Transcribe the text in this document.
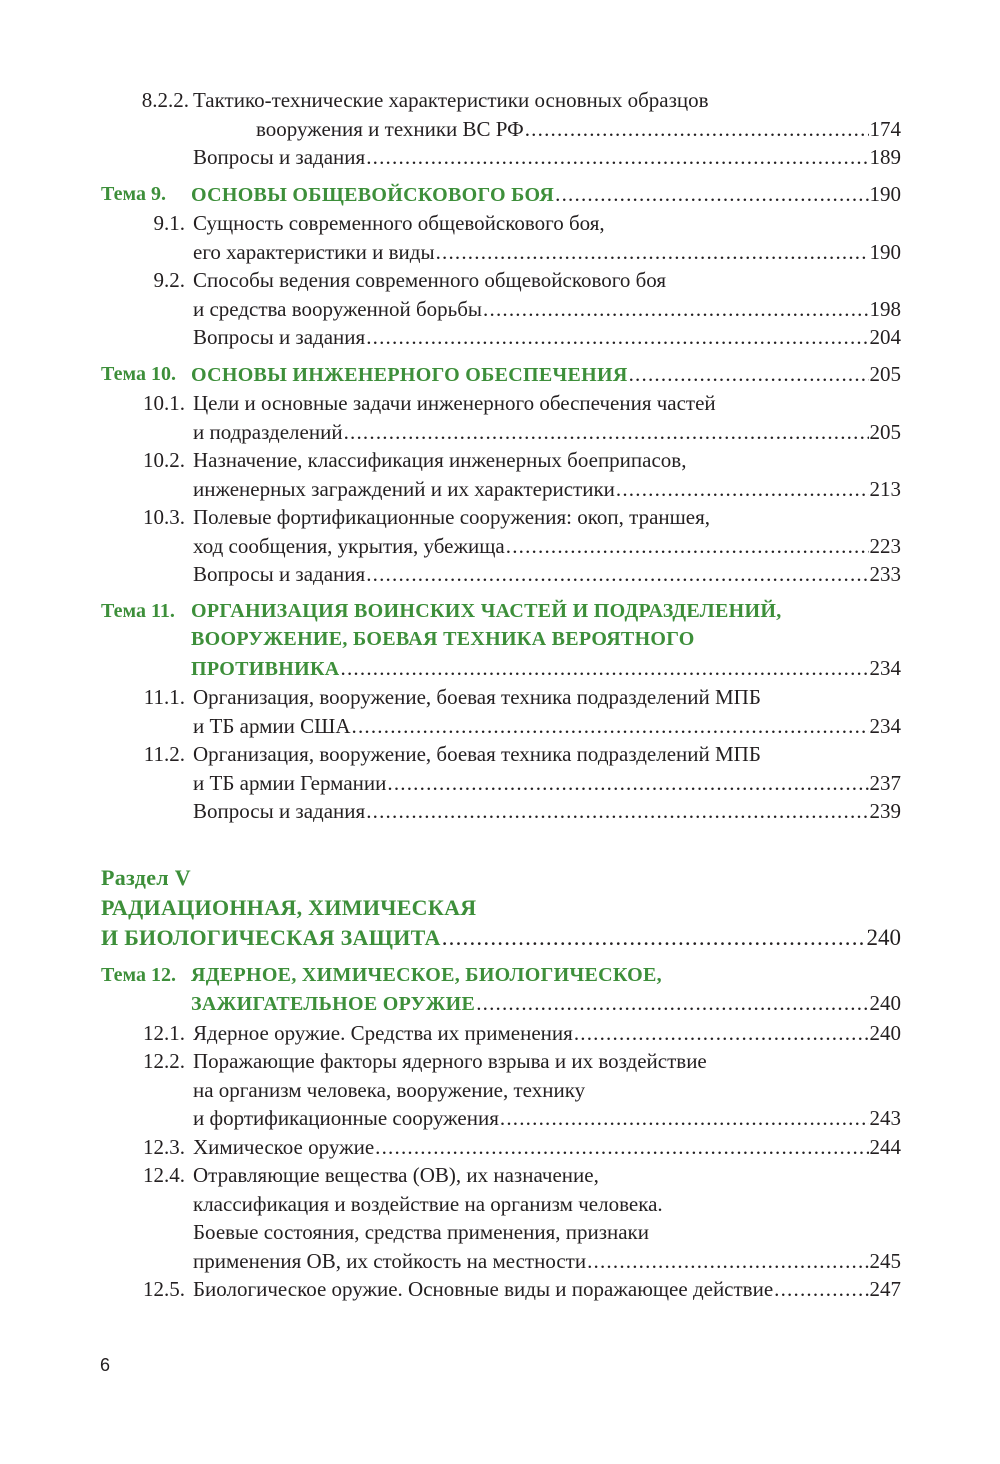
8.2.2. Тактико-технические характеристики основных образцов
вооружения и техники ВС РФ .....	174
Вопросы и задания .....	189
Тема 9.	ОСНОВЫ ОБЩЕВОЙСКОВОГО БОЯ .....	190
9.1. Сущность современного общевойскового боя,
его характеристики и виды .....	190
9.2. Способы ведения современного общевойскового боя
и средства вооруженной борьбы .....	198
Вопросы и задания .....	204
Тема 10. ОСНОВЫ ИНЖЕНЕРНОГО ОБЕСПЕЧЕНИЯ .....	205
10.1. Цели и основные задачи инженерного обеспечения частей
и подразделений .....	205
10.2. Назначение, классификация инженерных боеприпасов,
инженерных заграждений и их характеристики .....	213
10.3. Полевые фортификационные сооружения: окоп, траншея,
ход сообщения, укрытия, убежища .....	223
Вопросы и задания .....	233
Тема 11. ОРГАНИЗАЦИЯ ВОИНСКИХ ЧАСТЕЙ И ПОДРАЗДЕЛЕНИЙ,
ВООРУЖЕНИЕ, БОЕВАЯ ТЕХНИКА ВЕРОЯТНОГО
ПРОТИВНИКА .....	234
11.1. Организация, вооружение, боевая техника подразделений МПБ
и ТБ армии США .....	234
11.2. Организация, вооружение, боевая техника подразделений МПБ
и ТБ армии Германии .....	237
Вопросы и задания .....	239
Раздел V
РАДИАЦИОННАЯ, ХИМИЧЕСКАЯ
И БИОЛОГИЧЕСКАЯ ЗАЩИТА .....	240
Тема 12. ЯДЕРНОЕ, ХИМИЧЕСКОЕ, БИОЛОГИЧЕСКОЕ,
ЗАЖИГАТЕЛЬНОЕ ОРУЖИЕ .....	240
12.1. Ядерное оружие. Средства их применения .....	240
12.2. Поражающие факторы ядерного взрыва и их воздействие
на организм человека, вооружение, технику
и фортификационные сооружения .....	243
12.3. Химическое оружие .....	244
12.4. Отравляющие вещества (ОВ), их назначение,
классификация и воздействие на организм человека.
Боевые состояния, средства применения, признаки
применения ОВ, их стойкость на местности .....	245
12.5. Биологическое оружие. Основные виды и поражающее действие .....	247
6
